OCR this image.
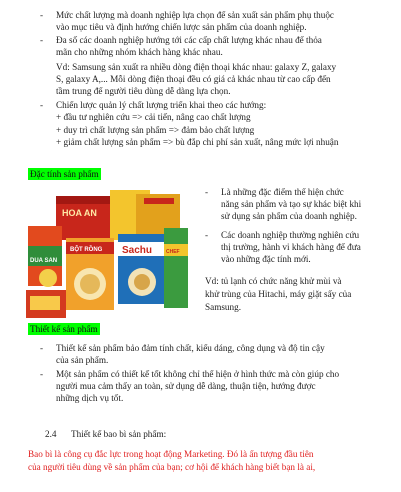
- Mức chất lượng mà doanh nghiệp lựa chọn để sản xuất sản phẩm phụ thuộc
vào mục tiêu và định hướng chiến lược sản phẩm của doanh nghiệp.
- Đa số các doanh nghiệp hướng tới các cấp chất lượng khác nhau để thỏa
mãn cho những nhóm khách hàng khác nhau.
Vd: Samsung sản xuất ra nhiều dòng điện thoại khác nhau: galaxy Z, galaxy
S, galaxy A,... Mỗi dòng điện thoại đều có giá cả khác nhau từ cao cấp đến
tầm trung để người tiêu dùng dễ dàng lựa chọn.
- Chiến lược quản lý chất lượng triển khai theo các hướng:
+ đầu tư nghiên cứu => cải tiến, nâng cao chất lượng
+ duy trì chất lượng sản phẩm => đảm bảo chất lượng
+ giảm chất lượng sản phẩm => bù đắp chi phí sản xuất, nâng mức lợi nhuận
Đặc tính sản phẩm
HOA AN
DUA SAN
BỘT RỒNG Sachu	CHEF
- Là những đặc điểm thể hiện chức
năng sản phẩm và tạo sự khác biệt khi
sử dụng sản phẩm của doanh nghiệp.
- Các doanh nghiệp thường nghiên cứu
thị trường, hành vi khách hàng để đưa
vào những đặc tính mới.
Vd: tủ lạnh có chức năng khử mùi và
khử trùng của Hitachi, máy giặt sấy của
Samsung.
Thiết kế sản phẩm
- Thiết kế sản phẩm bảo đảm tính chất, kiểu dáng, công dụng và độ tin cậy
của sản phẩm.
- Một sản phẩm có thiết kế tốt không chỉ thể hiện ở hình thức mà còn giúp cho
người mua cảm thấy an toàn, sử dụng dễ dàng, thuận tiện, hướng được
những dịch vụ tốt.
2.4 Thiết kế bao bì sản phẩm:
Bao bì là công cụ đắc lực trong hoạt động Marketing. Đó là ấn tượng đầu tiên
của người tiêu dùng về sản phẩm của bạn; cơ hội để khách hàng biết bạn là ai,
